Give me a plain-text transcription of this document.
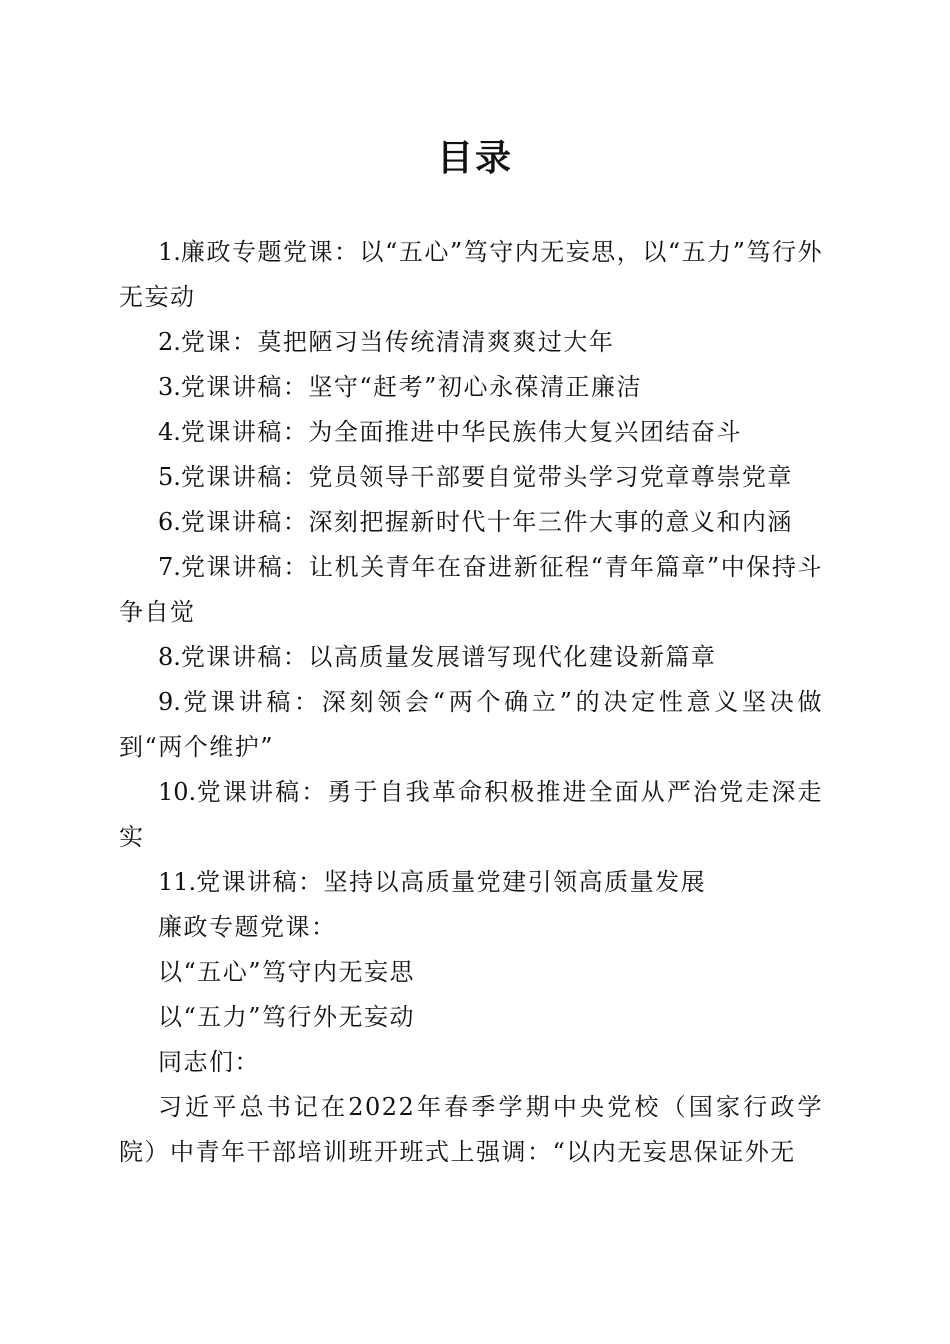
目录

1.廉政专题党课：以“五心”笃守内无妄思，以“五力”笃行外无妄动

2.党课：莫把陋习当传统清清爽爽过大年

3.党课讲稿：坚守“赶考”初心永葆清正廉洁

4.党课讲稿：为全面推进中华民族伟大复兴团结奋斗

5.党课讲稿：党员领导干部要自觉带头学习党章尊崇党章

6.党课讲稿：深刻把握新时代十年三件大事的意义和内涵

7.党课讲稿：让机关青年在奋进新征程“青年篇章”中保持斗争自觉

8.党课讲稿：以高质量发展谱写现代化建设新篇章

9.党课讲稿：深刻领会“两个确立”的决定性意义坚决做到“两个维护”

10.党课讲稿：勇于自我革命积极推进全面从严治党走深走实

11.党课讲稿：坚持以高质量党建引领高质量发展

廉政专题党课：

以“五心”笃守内无妄思

以“五力”笃行外无妄动

同志们：

习近平总书记在2022年春季学期中央党校（国家行政学院）中青年干部培训班开班式上强调：“以内无妄思保证外无
